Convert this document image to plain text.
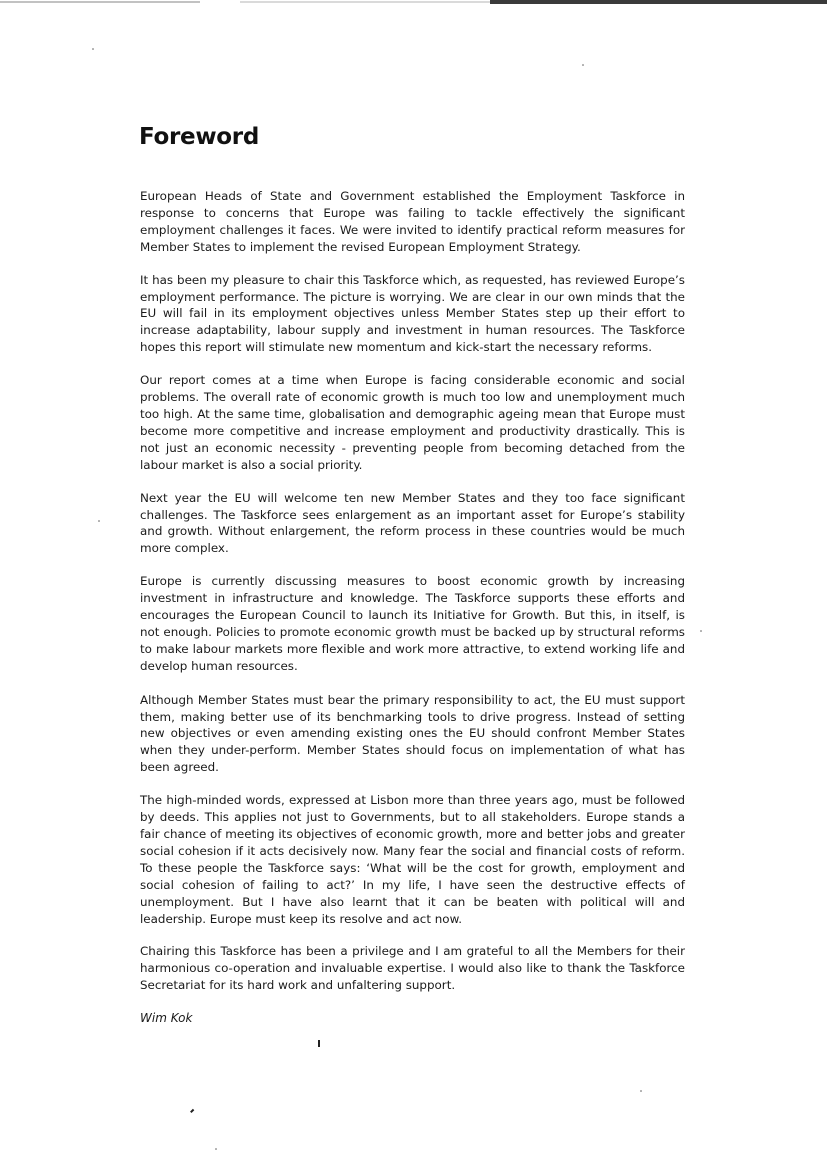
Foreword

European Heads of State and Government established the Employment Taskforce in response to concerns that Europe was failing to tackle effectively the significant employment challenges it faces. We were invited to identify practical reform measures for Member States to implement the revised European Employment Strategy.

It has been my pleasure to chair this Taskforce which, as requested, has reviewed Europe’s employment performance. The picture is worrying. We are clear in our own minds that the EU will fail in its employment objectives unless Member States step up their effort to increase adaptability, labour supply and investment in human resources. The Taskforce hopes this report will stimulate new momentum and kick-start the necessary reforms.

Our report comes at a time when Europe is facing considerable economic and social problems. The overall rate of economic growth is much too low and unemployment much too high. At the same time, globalisation and demographic ageing mean that Europe must become more competitive and increase employment and productivity drastically. This is not just an economic necessity - preventing people from becoming detached from the labour market is also a social priority.

Next year the EU will welcome ten new Member States and they too face significant challenges. The Taskforce sees enlargement as an important asset for Europe’s stability and growth. Without enlargement, the reform process in these countries would be much more complex.

Europe is currently discussing measures to boost economic growth by increasing investment in infrastructure and knowledge. The Taskforce supports these efforts and encourages the European Council to launch its Initiative for Growth. But this, in itself, is not enough. Policies to promote economic growth must be backed up by structural reforms to make labour markets more flexible and work more attractive, to extend working life and develop human resources.

Although Member States must bear the primary responsibility to act, the EU must support them, making better use of its benchmarking tools to drive progress. Instead of setting new objectives or even amending existing ones the EU should confront Member States when they under-perform. Member States should focus on implementation of what has been agreed.

The high-minded words, expressed at Lisbon more than three years ago, must be followed by deeds. This applies not just to Governments, but to all stakeholders. Europe stands a fair chance of meeting its objectives of economic growth, more and better jobs and greater social cohesion if it acts decisively now. Many fear the social and financial costs of reform. To these people the Taskforce says: ‘What will be the cost for growth, employment and social cohesion of failing to act?’ In my life, I have seen the destructive effects of unemployment. But I have also learnt that it can be beaten with political will and leadership. Europe must keep its resolve and act now.

Chairing this Taskforce has been a privilege and I am grateful to all the Members for their harmonious co-operation and invaluable expertise. I would also like to thank the Taskforce Secretariat for its hard work and unfaltering support.

Wim Kok
